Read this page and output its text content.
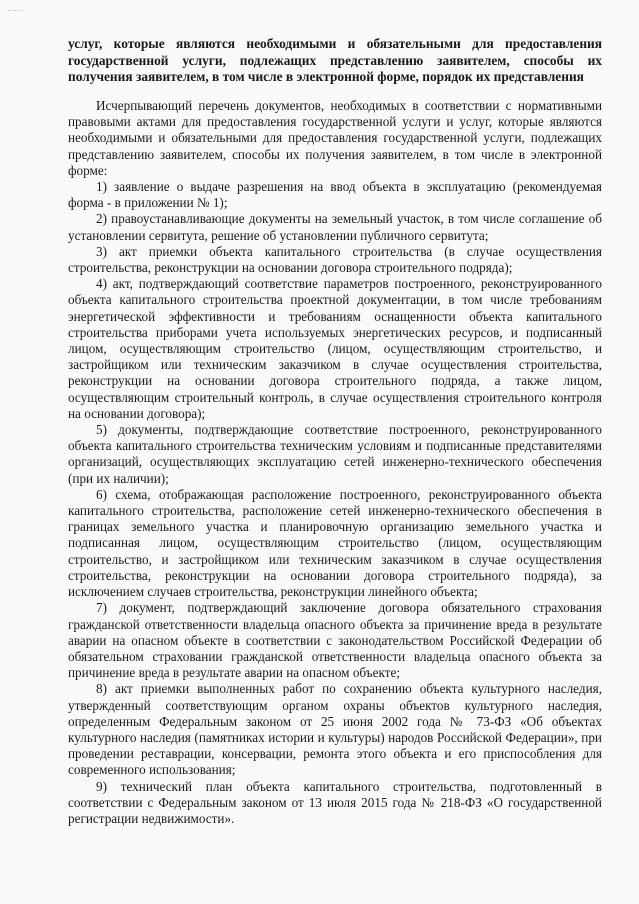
услуг, которые являются необходимыми и обязательными для предоставления государственной услуги, подлежащих представлению заявителем, способы их получения заявителем, в том числе в электронной форме, порядок их представления

Исчерпывающий перечень документов, необходимых в соответствии с нормативными правовыми актами для предоставления государственной услуги и услуг, которые являются необходимыми и обязательными для предоставления государственной услуги, подлежащих представлению заявителем, способы их получения заявителем, в том числе в электронной форме:

1) заявление о выдаче разрешения на ввод объекта в эксплуатацию (рекомендуемая форма - в приложении № 1);

2) правоустанавливающие документы на земельный участок, в том числе соглашение об установлении сервитута, решение об установлении публичного сервитута;

3) акт приемки объекта капитального строительства (в случае осуществления строительства, реконструкции на основании договора строительного подряда);

4) акт, подтверждающий соответствие параметров построенного, реконструированного объекта капитального строительства проектной документации, в том числе требованиям энергетической эффективности и требованиям оснащенности объекта капитального строительства приборами учета используемых энергетических ресурсов, и подписанный лицом, осуществляющим строительство (лицом, осуществляющим строительство, и застройщиком или техническим заказчиком в случае осуществления строительства, реконструкции на основании договора строительного подряда, а также лицом, осуществляющим строительный контроль, в случае осуществления строительного контроля на основании договора);

5) документы, подтверждающие соответствие построенного, реконструированного объекта капитального строительства техническим условиям и подписанные представителями организаций, осуществляющих эксплуатацию сетей инженерно-технического обеспечения (при их наличии);

6) схема, отображающая расположение построенного, реконструированного объекта капитального строительства, расположение сетей инженерно-технического обеспечения в границах земельного участка и планировочную организацию земельного участка и подписанная лицом, осуществляющим строительство (лицом, осуществляющим строительство, и застройщиком или техническим заказчиком в случае осуществления строительства, реконструкции на основании договора строительного подряда), за исключением случаев строительства, реконструкции линейного объекта;

7) документ, подтверждающий заключение договора обязательного страхования гражданской ответственности владельца опасного объекта за причинение вреда в результате аварии на опасном объекте в соответствии с законодательством Российской Федерации об обязательном страховании гражданской ответственности владельца опасного объекта за причинение вреда в результате аварии на опасном объекте;

8) акт приемки выполненных работ по сохранению объекта культурного наследия, утвержденный соответствующим органом охраны объектов культурного наследия, определенным Федеральным законом от 25 июня 2002 года № 73-ФЗ «Об объектах культурного наследия (памятниках истории и культуры) народов Российской Федерации», при проведении реставрации, консервации, ремонта этого объекта и его приспособления для современного использования;

9) технический план объекта капитального строительства, подготовленный в соответствии с Федеральным законом от 13 июля 2015 года № 218-ФЗ «О государственной регистрации недвижимости».
